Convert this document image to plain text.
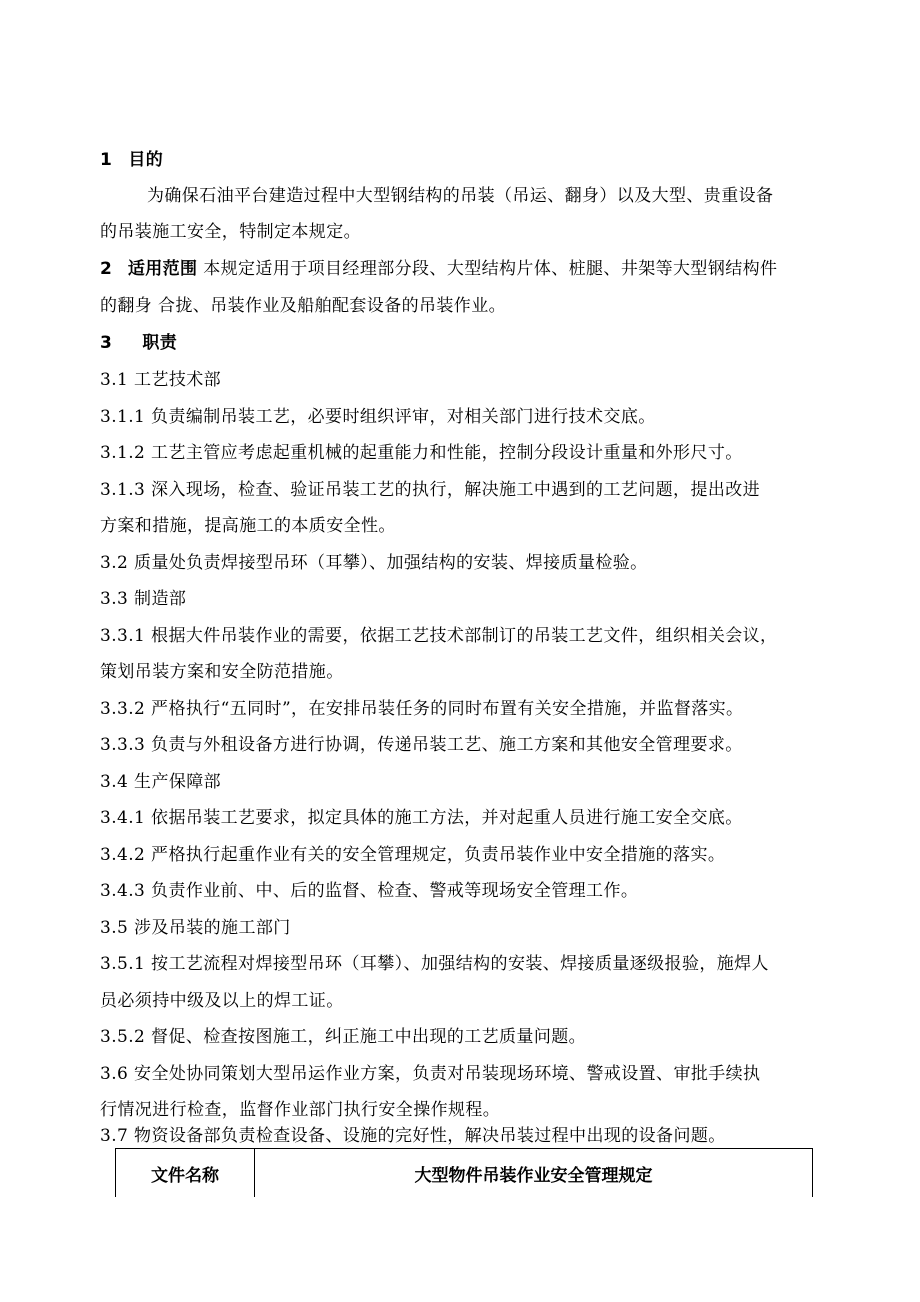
1 目的
为确保石油平台建造过程中大型钢结构的吊装（吊运、翻身）以及大型、贵重设备
的吊装施工安全，特制定本规定。
2 适用范围 本规定适用于项目经理部分段、大型结构片体、桩腿、井架等大型钢结构件
的翻身 合拢、吊装作业及船舶配套设备的吊装作业。
3 职责
3.1 工艺技术部
3.1.1 负责编制吊装工艺，必要时组织评审，对相关部门进行技术交底。
3.1.2 工艺主管应考虑起重机械的起重能力和性能，控制分段设计重量和外形尺寸。
3.1.3 深入现场，检查、验证吊装工艺的执行，解决施工中遇到的工艺问题，提出改进
方案和措施，提高施工的本质安全性。
3.2 质量处负责焊接型吊环（耳攀）、加强结构的安装、焊接质量检验。
3.3 制造部
3.3.1 根据大件吊装作业的需要，依据工艺技术部制订的吊装工艺文件，组织相关会议，
策划吊装方案和安全防范措施。
3.3.2 严格执行“五同时”，在安排吊装任务的同时布置有关安全措施，并监督落实。
3.3.3 负责与外租设备方进行协调，传递吊装工艺、施工方案和其他安全管理要求。
3.4 生产保障部
3.4.1 依据吊装工艺要求，拟定具体的施工方法，并对起重人员进行施工安全交底。
3.4.2 严格执行起重作业有关的安全管理规定，负责吊装作业中安全措施的落实。
3.4.3 负责作业前、中、后的监督、检查、警戒等现场安全管理工作。
3.5 涉及吊装的施工部门
3.5.1 按工艺流程对焊接型吊环（耳攀）、加强结构的安装、焊接质量逐级报验，施焊人
员必须持中级及以上的焊工证。
3.5.2 督促、检查按图施工，纠正施工中出现的工艺质量问题。
3.6 安全处协同策划大型吊运作业方案，负责对吊装现场环境、警戒设置、审批手续执
行情况进行检查，监督作业部门执行安全操作规程。
3.7 物资设备部负责检查设备、设施的完好性，解决吊装过程中出现的设备问题。
文件名称	大型物件吊装作业安全管理规定
